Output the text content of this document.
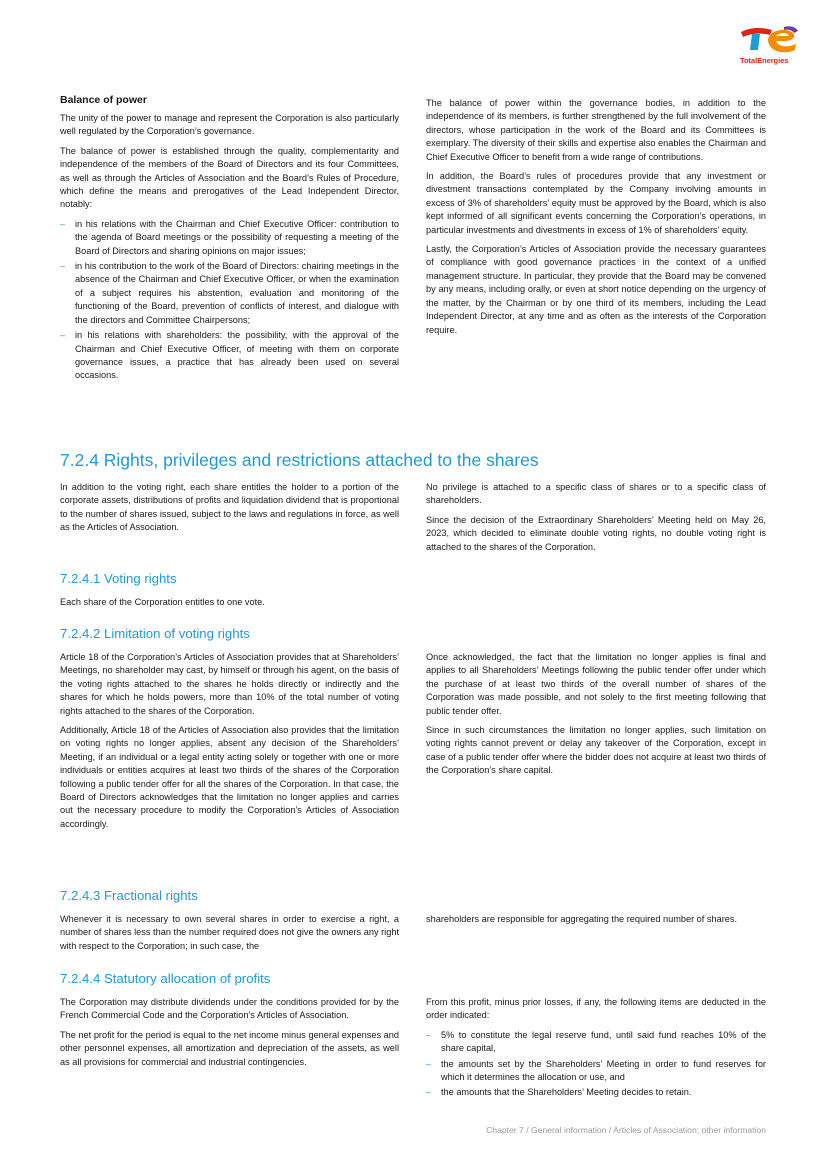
TotalEnergies
Balance of power

The unity of the power to manage and represent the Corporation is also particularly well regulated by the Corporation’s governance.

The balance of power is established through the quality, complementarity and independence of the members of the Board of Directors and its four Committees, as well as through the Articles of Association and the Board’s Rules of Procedure, which define the means and prerogatives of the Lead Independent Director, notably:

– in his relations with the Chairman and Chief Executive Officer: contribution to the agenda of Board meetings or the possibility of requesting a meeting of the Board of Directors and sharing opinions on major issues;
– in his contribution to the work of the Board of Directors: chairing meetings in the absence of the Chairman and Chief Executive Officer, or when the examination of a subject requires his abstention, evaluation and monitoring of the functioning of the Board, prevention of conflicts of interest, and dialogue with the directors and Committee Chairpersons;
– in his relations with shareholders: the possibility, with the approval of the Chairman and Chief Executive Officer, of meeting with them on corporate governance issues, a practice that has already been used on several occasions.

The balance of power within the governance bodies, in addition to the independence of its members, is further strengthened by the full involvement of the directors, whose participation in the work of the Board and its Committees is exemplary. The diversity of their skills and expertise also enables the Chairman and Chief Executive Officer to benefit from a wide range of contributions.

In addition, the Board’s rules of procedures provide that any investment or divestment transactions contemplated by the Company involving amounts in excess of 3% of shareholders’ equity must be approved by the Board, which is also kept informed of all significant events concerning the Corporation’s operations, in particular investments and divestments in excess of 1% of shareholders’ equity.

Lastly, the Corporation’s Articles of Association provide the necessary guarantees of compliance with good governance practices in the context of a unified management structure. In particular, they provide that the Board may be convened by any means, including orally, or even at short notice depending on the urgency of the matter, by the Chairman or by one third of its members, including the Lead Independent Director, at any time and as often as the interests of the Corporation require.

7.2.4 Rights, privileges and restrictions attached to the shares

In addition to the voting right, each share entitles the holder to a portion of the corporate assets, distributions of profits and liquidation dividend that is proportional to the number of shares issued, subject to the laws and regulations in force, as well as the Articles of Association.

No privilege is attached to a specific class of shares or to a specific class of shareholders.

Since the decision of the Extraordinary Shareholders’ Meeting held on May 26, 2023, which decided to eliminate double voting rights, no double voting right is attached to the shares of the Corporation.

7.2.4.1 Voting rights

Each share of the Corporation entitles to one vote.

7.2.4.2 Limitation of voting rights

Article 18 of the Corporation’s Articles of Association provides that at Shareholders’ Meetings, no shareholder may cast, by himself or through his agent, on the basis of the voting rights attached to the shares he holds directly or indirectly and the shares for which he holds powers, more than 10% of the total number of voting rights attached to the shares of the Corporation.

Additionally, Article 18 of the Articles of Association also provides that the limitation on voting rights no longer applies, absent any decision of the Shareholders’ Meeting, if an individual or a legal entity acting solely or together with one or more individuals or entities acquires at least two thirds of the shares of the Corporation following a public tender offer for all the shares of the Corporation. In that case, the Board of Directors acknowledges that the limitation no longer applies and carries out the necessary procedure to modify the Corporation’s Articles of Association accordingly.

Once acknowledged, the fact that the limitation no longer applies is final and applies to all Shareholders’ Meetings following the public tender offer under which the purchase of at least two thirds of the overall number of shares of the Corporation was made possible, and not solely to the first meeting following that public tender offer.

Since in such circumstances the limitation no longer applies, such limitation on voting rights cannot prevent or delay any takeover of the Corporation, except in case of a public tender offer where the bidder does not acquire at least two thirds of the Corporation’s share capital.

7.2.4.3 Fractional rights

Whenever it is necessary to own several shares in order to exercise a right, a number of shares less than the number required does not give the owners any right with respect to the Corporation; in such case, the

shareholders are responsible for aggregating the required number of shares.

7.2.4.4 Statutory allocation of profits

The Corporation may distribute dividends under the conditions provided for by the French Commercial Code and the Corporation’s Articles of Association.

The net profit for the period is equal to the net income minus general expenses and other personnel expenses, all amortization and depreciation of the assets, as well as all provisions for commercial and industrial contingencies.

From this profit, minus prior losses, if any, the following items are deducted in the order indicated:

– 5% to constitute the legal reserve fund, until said fund reaches 10% of the share capital,
– the amounts set by the Shareholders’ Meeting in order to fund reserves for which it determines the allocation or use, and
– the amounts that the Shareholders’ Meeting decides to retain.
Chapter 7 / General information / Articles of Association; other information
